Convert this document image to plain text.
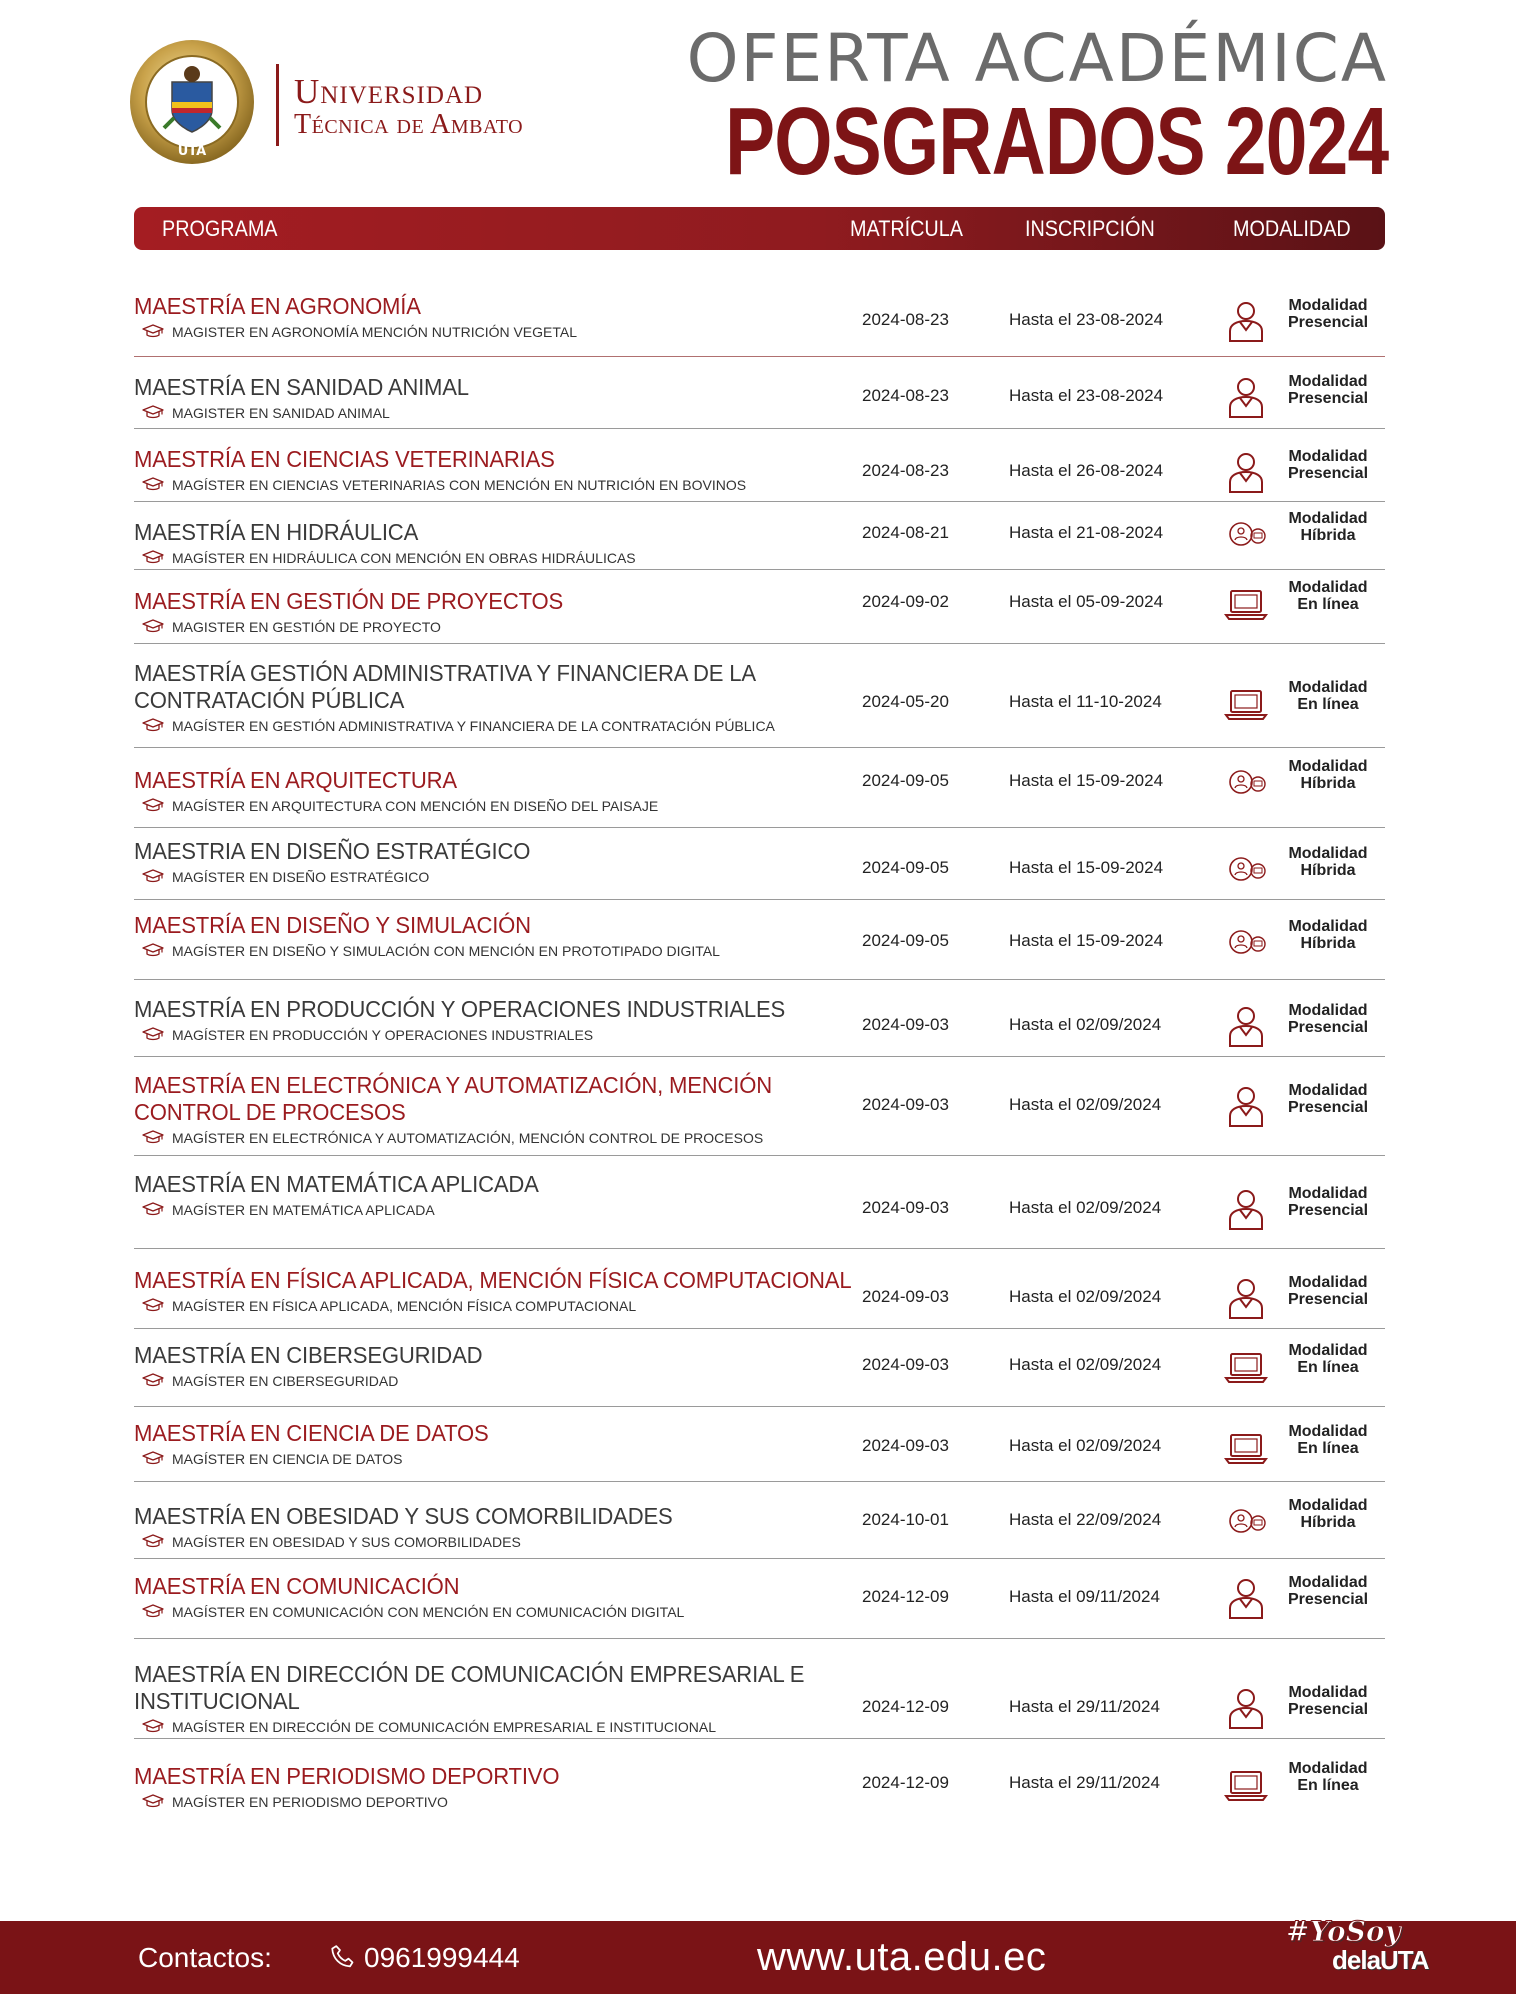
UTA
Universidad
Técnica de Ambato
OFERTA ACADÉMICA
POSGRADOS 2024
PROGRAMA	MATRÍCULA	INSCRIPCIÓN	MODALIDAD
MAESTRÍA EN AGRONOMÍA
MAGISTER EN AGRONOMÍA MENCIÓN NUTRICIÓN VEGETAL
2024-08-23	Hasta el 23-08-2024
Modalidad
Presencial
MAESTRÍA EN SANIDAD ANIMAL
MAGISTER EN SANIDAD ANIMAL
2024-08-23	Hasta el 23-08-2024
Modalidad
Presencial
MAESTRÍA EN CIENCIAS VETERINARIAS
MAGÍSTER EN CIENCIAS VETERINARIAS CON MENCIÓN EN NUTRICIÓN EN BOVINOS
2024-08-23	Hasta el 26-08-2024
Modalidad
Presencial
MAESTRÍA EN HIDRÁULICA
MAGÍSTER EN HIDRÁULICA CON MENCIÓN EN OBRAS HIDRÁULICAS
2024-08-21	Hasta el 21-08-2024
Modalidad
Híbrida
MAESTRÍA EN GESTIÓN DE PROYECTOS
MAGISTER EN GESTIÓN DE PROYECTO
2024-09-02	Hasta el 05-09-2024
Modalidad
En línea
MAESTRÍA GESTIÓN ADMINISTRATIVA Y FINANCIERA DE LA
CONTRATACIÓN PÚBLICA
MAGÍSTER EN GESTIÓN ADMINISTRATIVA Y FINANCIERA DE LA CONTRATACIÓN PÚBLICA
2024-05-20	Hasta el 11-10-2024
Modalidad
En línea
MAESTRÍA EN ARQUITECTURA
MAGÍSTER EN ARQUITECTURA CON MENCIÓN EN DISEÑO DEL PAISAJE
2024-09-05	Hasta el 15-09-2024
Modalidad
Híbrida
MAESTRIA EN DISEÑO ESTRATÉGICO
MAGÍSTER EN DISEÑO ESTRATÉGICO	2024-09-05	Hasta el 15-09-2024
Modalidad
Híbrida
MAESTRÍA EN DISEÑO Y SIMULACIÓN
MAGÍSTER EN DISEÑO Y SIMULACIÓN CON MENCIÓN EN PROTOTIPADO DIGITAL
2024-09-05	Hasta el 15-09-2024
Modalidad
Híbrida
MAESTRÍA EN PRODUCCIÓN Y OPERACIONES INDUSTRIALES
MAGÍSTER EN PRODUCCIÓN Y OPERACIONES INDUSTRIALES
2024-09-03	Hasta el 02/09/2024
Modalidad
Presencial
MAESTRÍA EN ELECTRÓNICA Y AUTOMATIZACIÓN, MENCIÓN
CONTROL DE PROCESOS
MAGÍSTER EN ELECTRÓNICA Y AUTOMATIZACIÓN, MENCIÓN CONTROL DE PROCESOS
2024-09-03	Hasta el 02/09/2024
Modalidad
Presencial
MAESTRÍA EN MATEMÁTICA APLICADA
MAGÍSTER EN MATEMÁTICA APLICADA	2024-09-03	Hasta el 02/09/2024
Modalidad
Presencial
MAESTRÍA EN FÍSICA APLICADA, MENCIÓN FÍSICA COMPUTACIONAL
MAGÍSTER EN FÍSICA APLICADA, MENCIÓN FÍSICA COMPUTACIONAL	2024-09-03	Hasta el 02/09/2024
Modalidad
Presencial
MAESTRÍA EN CIBERSEGURIDAD
MAGÍSTER EN CIBERSEGURIDAD
2024-09-03	Hasta el 02/09/2024
Modalidad
En línea
MAESTRÍA EN CIENCIA DE DATOS
MAGÍSTER EN CIENCIA DE DATOS
2024-09-03	Hasta el 02/09/2024
Modalidad
En línea
MAESTRÍA EN OBESIDAD Y SUS COMORBILIDADES
MAGÍSTER EN OBESIDAD Y SUS COMORBILIDADES
2024-10-01	Hasta el 22/09/2024
Modalidad
Híbrida
MAESTRÍA EN COMUNICACIÓN
MAGÍSTER EN COMUNICACIÓN CON MENCIÓN EN COMUNICACIÓN DIGITAL
2024-12-09	Hasta el 09/11/2024
Modalidad
Presencial
MAESTRÍA EN DIRECCIÓN DE COMUNICACIÓN EMPRESARIAL E
INSTITUCIONAL
MAGÍSTER EN DIRECCIÓN DE COMUNICACIÓN EMPRESARIAL E INSTITUCIONAL
2024-12-09	Hasta el 29/11/2024
Modalidad
Presencial
MAESTRÍA EN PERIODISMO DEPORTIVO
MAGÍSTER EN PERIODISMO DEPORTIVO
2024-12-09	Hasta el 29/11/2024
Modalidad
En línea
Contactos:	0961999444	www.uta.edu.ec
#YoSoy
delaUTA
